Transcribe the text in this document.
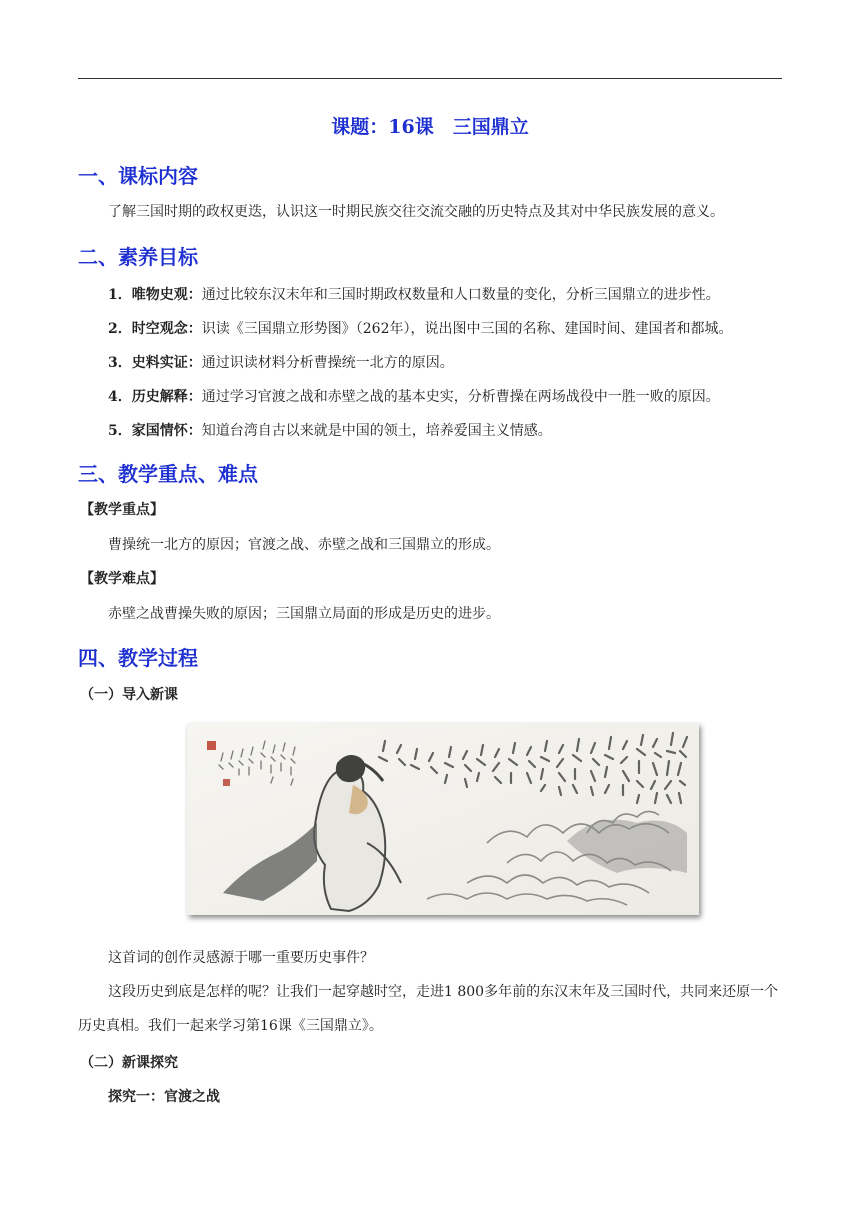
课题：16课　三国鼎立
一、课标内容
了解三国时期的政权更迭，认识这一时期民族交往交流交融的历史特点及其对中华民族发展的意义。
二、素养目标
1．唯物史观：通过比较东汉末年和三国时期政权数量和人口数量的变化，分析三国鼎立的进步性。
2．时空观念：识读《三国鼎立形势图》（262年），说出图中三国的名称、建国时间、建国者和都城。
3．史料实证：通过识读材料分析曹操统一北方的原因。
4．历史解释：通过学习官渡之战和赤壁之战的基本史实，分析曹操在两场战役中一胜一败的原因。
5．家国情怀：知道台湾自古以来就是中国的领土，培养爱国主义情感。
三、教学重点、难点
【教学重点】
曹操统一北方的原因；官渡之战、赤壁之战和三国鼎立的形成。
【教学难点】
赤壁之战曹操失败的原因；三国鼎立局面的形成是历史的进步。
四、教学过程
（一）导入新课
这首词的创作灵感源于哪一重要历史事件？
这段历史到底是怎样的呢？让我们一起穿越时空，走进1 800多年前的东汉末年及三国时代，共同来还原一个历史真相。我们一起来学习第16课《三国鼎立》。
（二）新课探究
探究一：官渡之战
